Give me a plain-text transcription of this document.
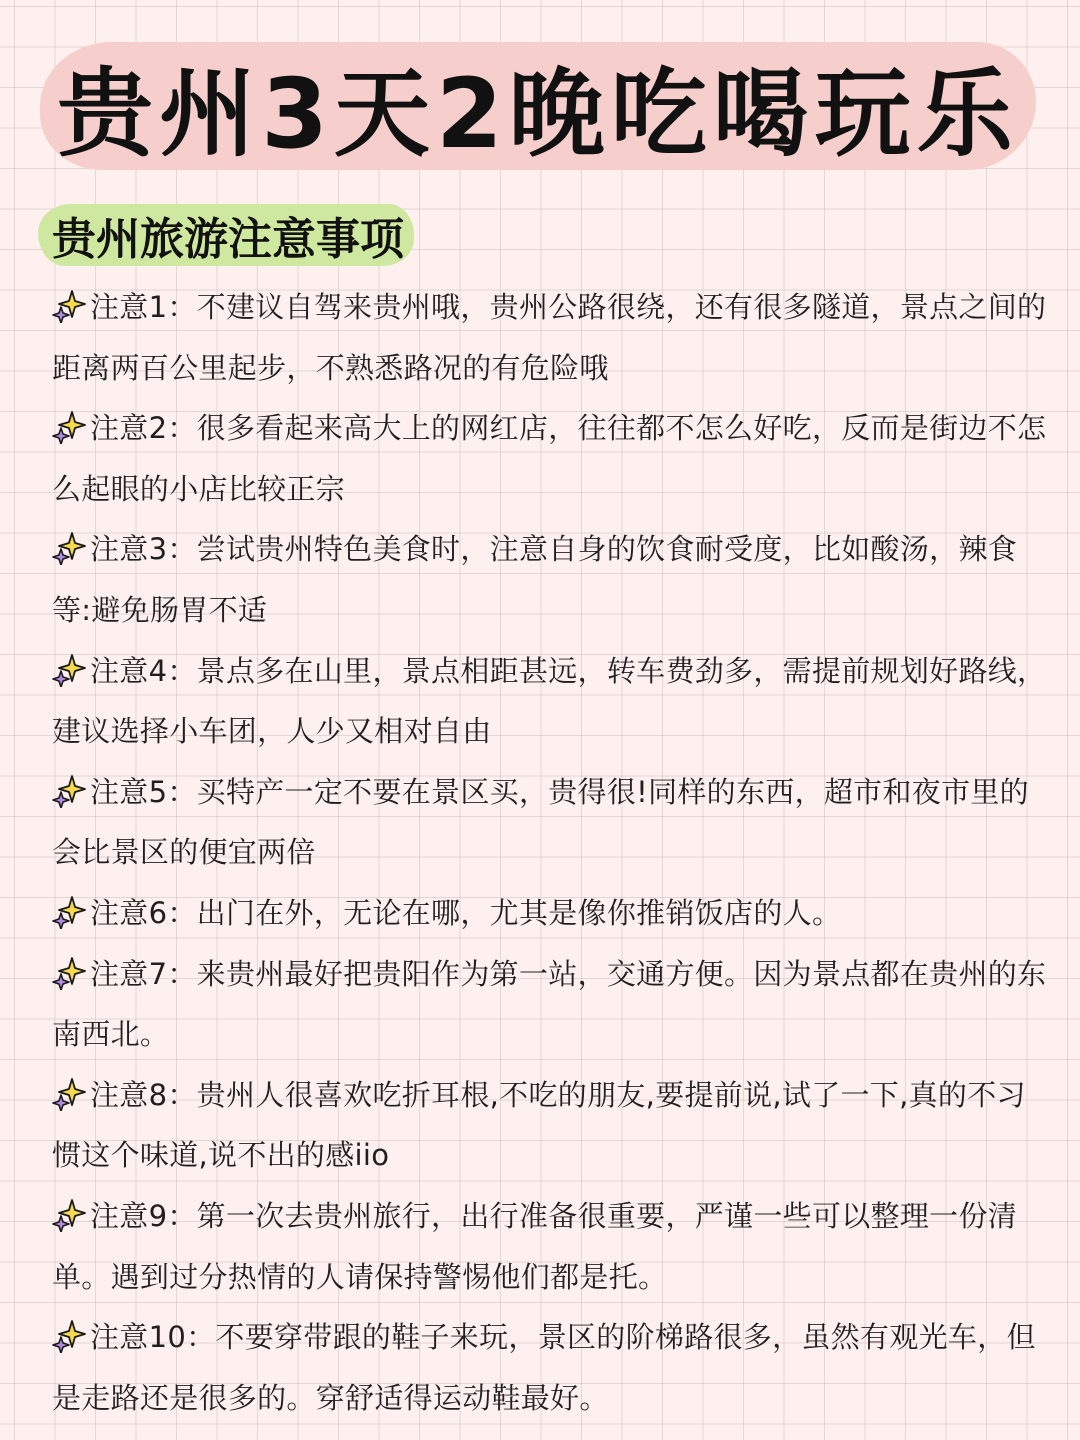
贵州3天2晚吃喝玩乐
贵州旅游注意事项
注意1：不建议自驾来贵州哦，贵州公路很绕，还有很多隧道，景点之间的距离两百公里起步，不熟悉路况的有危险哦
注意2：很多看起来高大上的网红店，往往都不怎么好吃，反而是街边不怎么起眼的小店比较正宗
注意3：尝试贵州特色美食时，注意自身的饮食耐受度，比如酸汤，辣食等:避免肠胃不适
注意4：景点多在山里，景点相距甚远，转车费劲多，需提前规划好路线，建议选择小车团，人少又相对自由
注意5：买特产一定不要在景区买，贵得很!同样的东西，超市和夜市里的会比景区的便宜两倍
注意6：出门在外，无论在哪，尤其是像你推销饭店的人。
注意7：来贵州最好把贵阳作为第一站，交通方便。因为景点都在贵州的东南西北。
注意8：贵州人很喜欢吃折耳根,不吃的朋友,要提前说,试了一下,真的不习惯这个味道,说不出的感iio
注意9：第一次去贵州旅行，出行准备很重要，严谨一些可以整理一份清单。遇到过分热情的人请保持警惕他们都是托。
注意10：不要穿带跟的鞋子来玩，景区的阶梯路很多，虽然有观光车，但是走路还是很多的。穿舒适得运动鞋最好。
